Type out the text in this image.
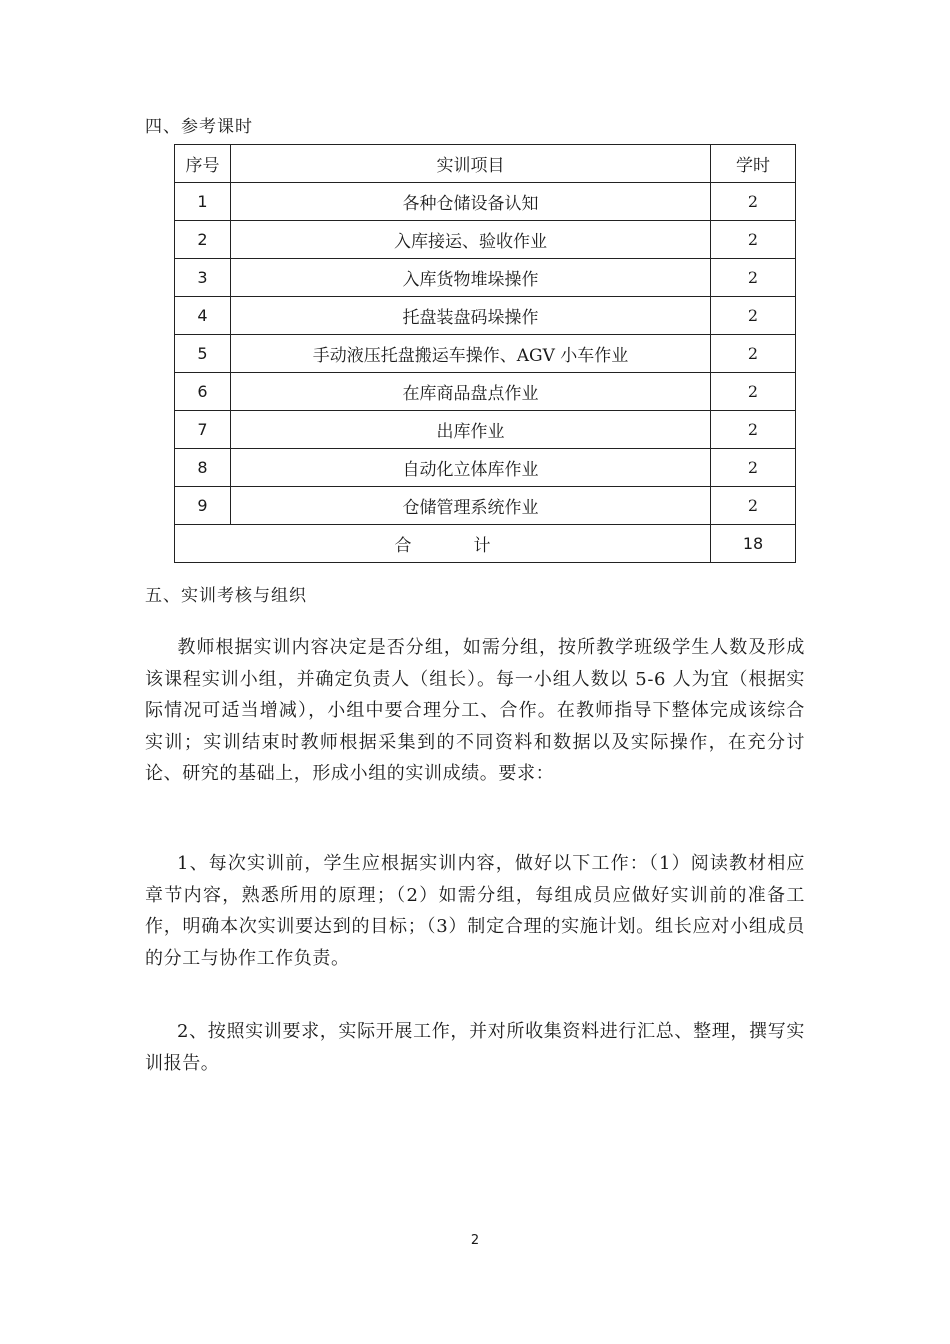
四、参考课时
序号	实训项目	学时
1	各种仓储设备认知	2
2	入库接运、验收作业	2
3	入库货物堆垛操作	2
4	托盘装盘码垛操作	2
5	手动液压托盘搬运车操作、AGV 小车作业	2
6	在库商品盘点作业	2
7	出库作业	2
8	自动化立体库作业	2
9	仓储管理系统作业	2
合 计		18
五、实训考核与组织

教师根据实训内容决定是否分组，如需分组，按所教学班级学生人数及形成该课程实训小组，并确定负责人（组长）。每一小组人数以 5-6 人为宜（根据实际情况可适当增减），小组中要合理分工、合作。在教师指导下整体完成该综合实训；实训结束时教师根据采集到的不同资料和数据以及实际操作，在充分讨论、研究的基础上，形成小组的实训成绩。要求：

1、每次实训前，学生应根据实训内容，做好以下工作：（1）阅读教材相应章节内容，熟悉所用的原理；（2）如需分组，每组成员应做好实训前的准备工作，明确本次实训要达到的目标；（3）制定合理的实施计划。组长应对小组成员的分工与协作工作负责。

2、按照实训要求，实际开展工作，并对所收集资料进行汇总、整理，撰写实训报告。

2
